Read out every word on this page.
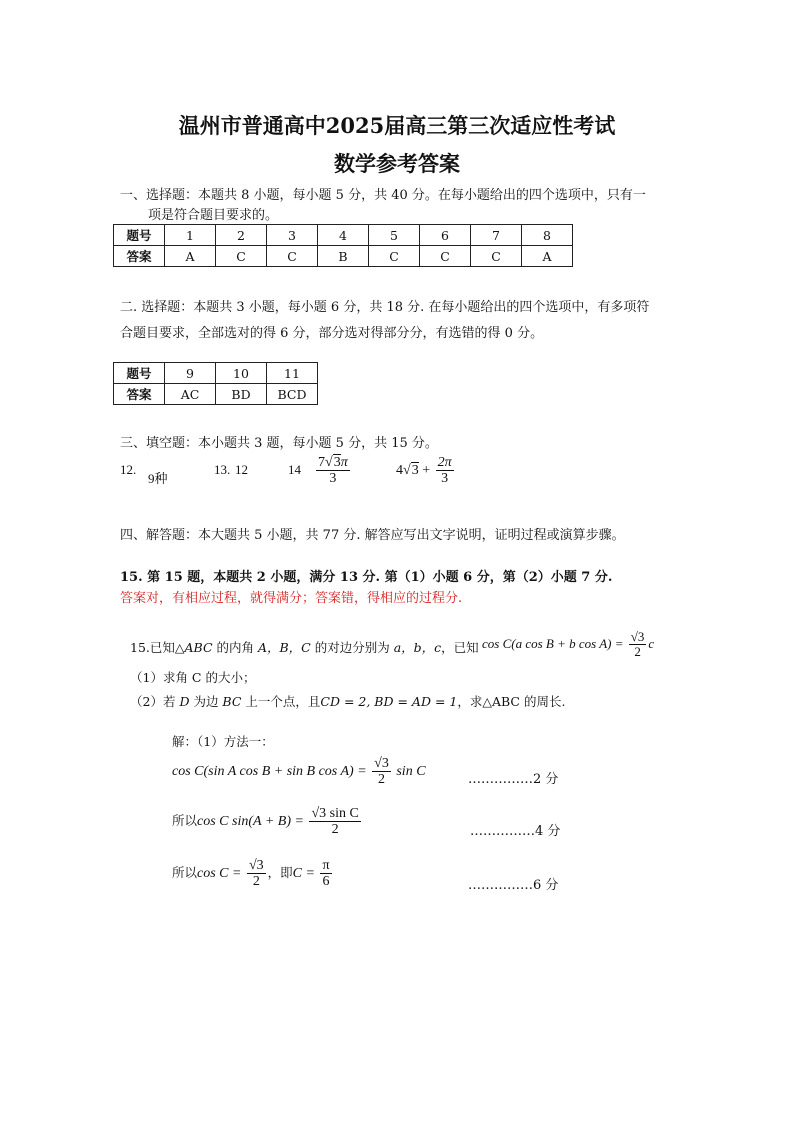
温州市普通高中2025届高三第三次适应性考试
数学参考答案
一、选择题：本题共 8 小题，每小题 5 分，共 40 分。在每小题给出的四个选项中，只有一
项是符合题目要求的。
题号	1	2	3	4	5	6	7	8
答案	A	C	C	B	C	C	C	A
二. 选择题：本题共 3 小题，每小题 6 分，共 18 分. 在每小题给出的四个选项中，有多项符
合题目要求，全部选对的得 6 分，部分选对得部分分，有选错的得 0 分。
题号	9	10	11
答案	AC	BD	BCD
三、填空题：本小题共 3 题，每小题 5 分，共 15 分。
12.
9种
13. 12	$14 \frac{7√3\pi}{3}$	$4√3 + \frac{2\pi}{3}$
四、解答题：本大题共 5 小题，共 77 分. 解答应写出文字说明，证明过程或演算步骤。
15. 第 15 题，本题共 2 小题，满分 13 分. 第（1）小题 6 分，第（2）小题 7 分.
答案对，有相应过程，就得满分；答案错，得相应的过程分.
15.已知△ABC 的内角 A，B，C 的对边分别为 a，b，c，已知 cos C(a cos B + b $\cos A) = \frac{√3}{2}$ c
（1）求角 C 的大小；
（2）若 D 为边 BC 上一个点，且CD = 2, BD = AD = 1，求△ABC 的周长.
解：（1）方法一：
cos C(sin A cos B + sin B $\cos A) = \frac{√3}{2}$ sin C
……………2 分
所以cos C $\sin(A + B) = \frac{\text{√3 sin C}}{2}$	……………4 分
所以$\cos C = \frac{√3}{2}$ ，即$C = \frac{\pi}{6}$	……………6 分
